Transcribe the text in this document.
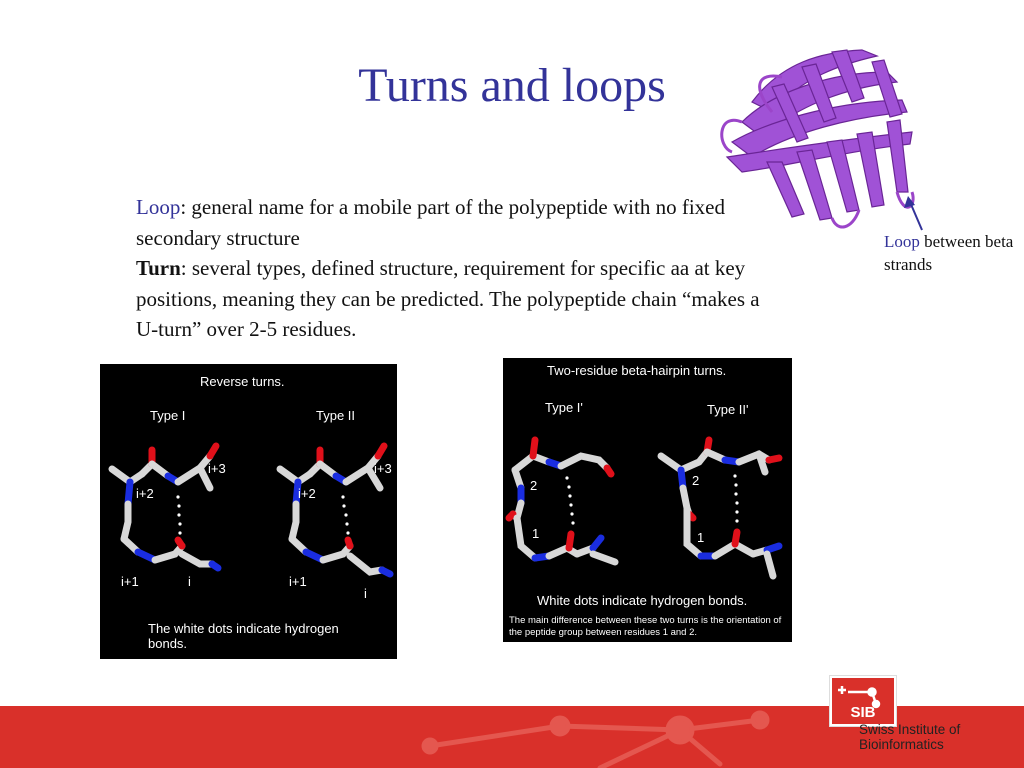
Turns and loops
Loop between beta strands
Loop: general name for a mobile part of the polypeptide with no fixed secondary structure
Turn: several types, defined structure, requirement for specific aa at key positions, meaning they can be predicted. The polypeptide chain “makes a U-turn” over 2-5 residues.
Reverse turns.
Type I	Type II
i+3
i+2
i+1	i
i+3
i+2
i+1
i
The white dots indicate hydrogen bonds.
Two-residue beta-hairpin turns.
Type I'	Type II'
2
1
2
1
White dots indicate hydrogen bonds.
The main difference between these two turns is the orientation of the peptide group between residues 1 and 2.
SIB
Swiss Institute of
Bioinformatics
